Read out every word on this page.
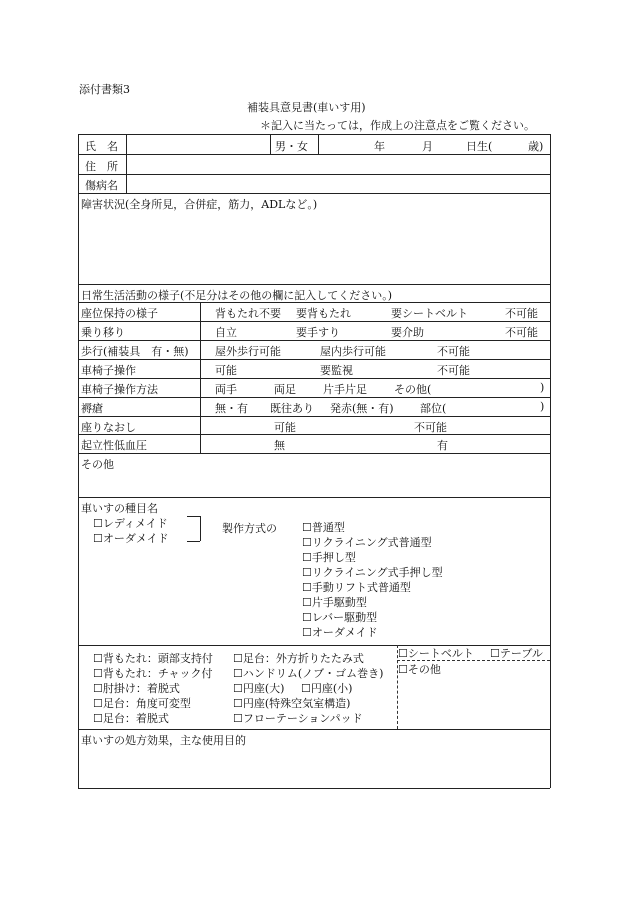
添付書類3
補装具意見書(車いす用)
＊記入に当たっては，作成上の注意点をご覧ください。
氏　名	男・女	年	月	日生(	歳)
住　所
傷病名
障害状況(全身所見，合併症，筋力，ADLなど。)
日常生活活動の様子(不足分はその他の欄に記入してください。)
座位保持の様子	背もたれ不要 要背もたれ	要シートベルト	不可能
乗り移り	自立	要手すり	要介助	不可能
歩行(補装具　有・無) 屋外歩行可能	屋内歩行可能	不可能
車椅子操作	可能	要監視	不可能
車椅子操作方法	両手	両足 片手片足 その他(	)
褥瘡	無・有 既往あり 発赤(無・有) 部位(	)
座りなおし	可能	不可能
起立性低血圧	無	有
その他
車いすの種目名
☐ レディメイド
☐ オーダメイド
製作方式の	☐ 普通型
☐ リクライニング式普通型
☐ 手押し型
☐ リクライニング式手押し型
☐ 手動リフト式普通型
☐ 片手駆動型
☐ レバー駆動型
☐ オーダメイド
☐ 背もたれ：頭部支持付
☐ 背もたれ：チャック付
☐ 肘掛け：着脱式
☐ 足台：角度可変型
☐ 足台：着脱式
☐ 足台：外方折りたたみ式
☐ ハンドリム(ノブ・ゴム巻き)
☐ 円座(大)	☐ 円座(小)
☐ 円座(特殊空気室構造)
☐ フローテーションパッド
☐ シートベルト	☐ テーブル
☐ その他
車いすの処方効果，主な使用目的
